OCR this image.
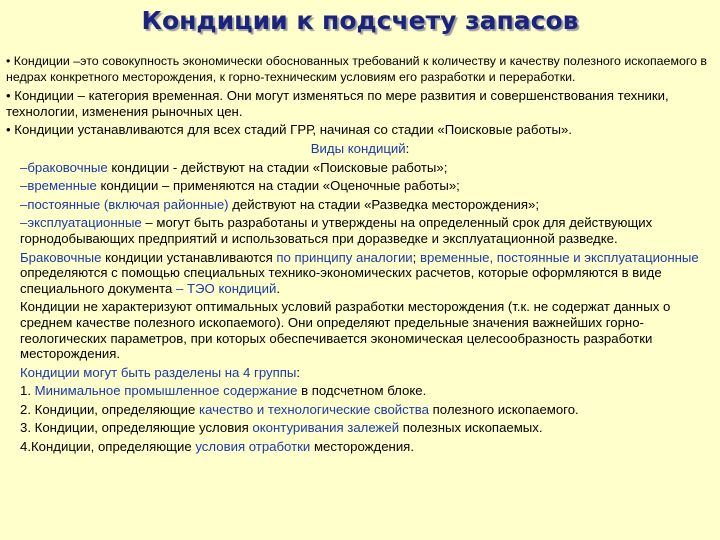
Кондиции к подсчету запасов

• Кондиции –это совокупность экономически обоснованных требований к количеству и качеству полезного ископаемого в недрах конкретного месторождения, к горно-техническим условиям его разработки и переработки.

• Кондиции – категория временная. Они могут изменяться по мере развития и совершенствования техники, технологии, изменения рыночных цен.

• Кондиции устанавливаются для всех стадий ГРР, начиная со стадии «Поисковые работы».

Виды кондиций:

–браковочные кондиции - действуют на стадии «Поисковые работы»;

–временные кондиции – применяются на стадии «Оценочные работы»;

–постоянные (включая районные) действуют на стадии «Разведка месторождения»;

–эксплуатационные – могут быть разработаны и утверждены на определенный срок для действующих горнодобывающих предприятий и использоваться при доразведке и эксплуатационной разведке.

Браковочные кондиции устанавливаются по принципу аналогии; временные, постоянные и эксплуатационные определяются с помощью специальных технико-экономических расчетов, которые оформляются в виде специального документа – ТЭО кондиций.

Кондиции не характеризуют оптимальных условий разработки месторождения (т.к. не содержат данных о среднем качестве полезного ископаемого). Они определяют предельные значения важнейших горно-геологических параметров, при которых обеспечивается экономическая целесообразность разработки месторождения.

Кондиции могут быть разделены на 4 группы:

1. Минимальное промышленное содержание в подсчетном блоке.

2. Кондиции, определяющие качество и технологические свойства полезного ископаемого.

3. Кондиции, определяющие условия оконтуривания залежей полезных ископаемых.

4.Кондиции, определяющие условия отработки месторождения.
